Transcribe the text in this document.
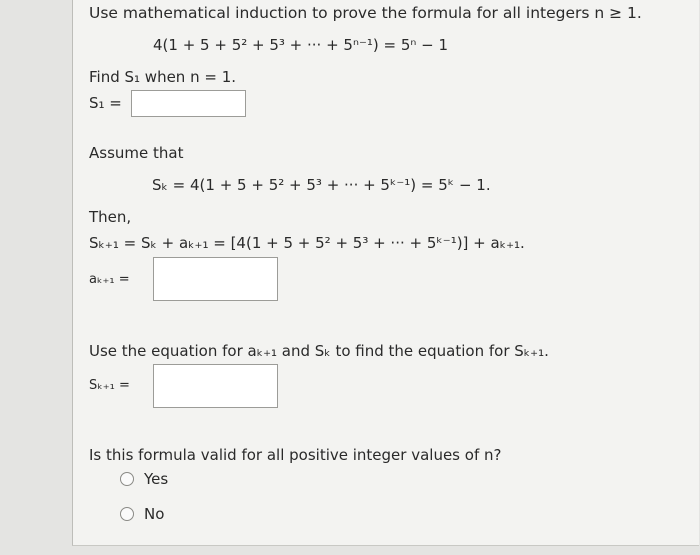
Use mathematical induction to prove the formula for all integers n ≥ 1.
4(1 + 5 + 5² + 5³ + ··· + 5ⁿ⁻¹) = 5ⁿ − 1
Find S₁ when n = 1.
S₁ =
Assume that
Sₖ = 4(1 + 5 + 5² + 5³ + ··· + 5ᵏ⁻¹) = 5ᵏ − 1.
Then,
Sₖ₊₁ = Sₖ + aₖ₊₁ = [4(1 + 5 + 5² + 5³ + ··· + 5ᵏ⁻¹)] + aₖ₊₁.
aₖ₊₁ =
Use the equation for aₖ₊₁ and Sₖ to find the equation for Sₖ₊₁.
Sₖ₊₁ =
Is this formula valid for all positive integer values of n?
Yes
No
